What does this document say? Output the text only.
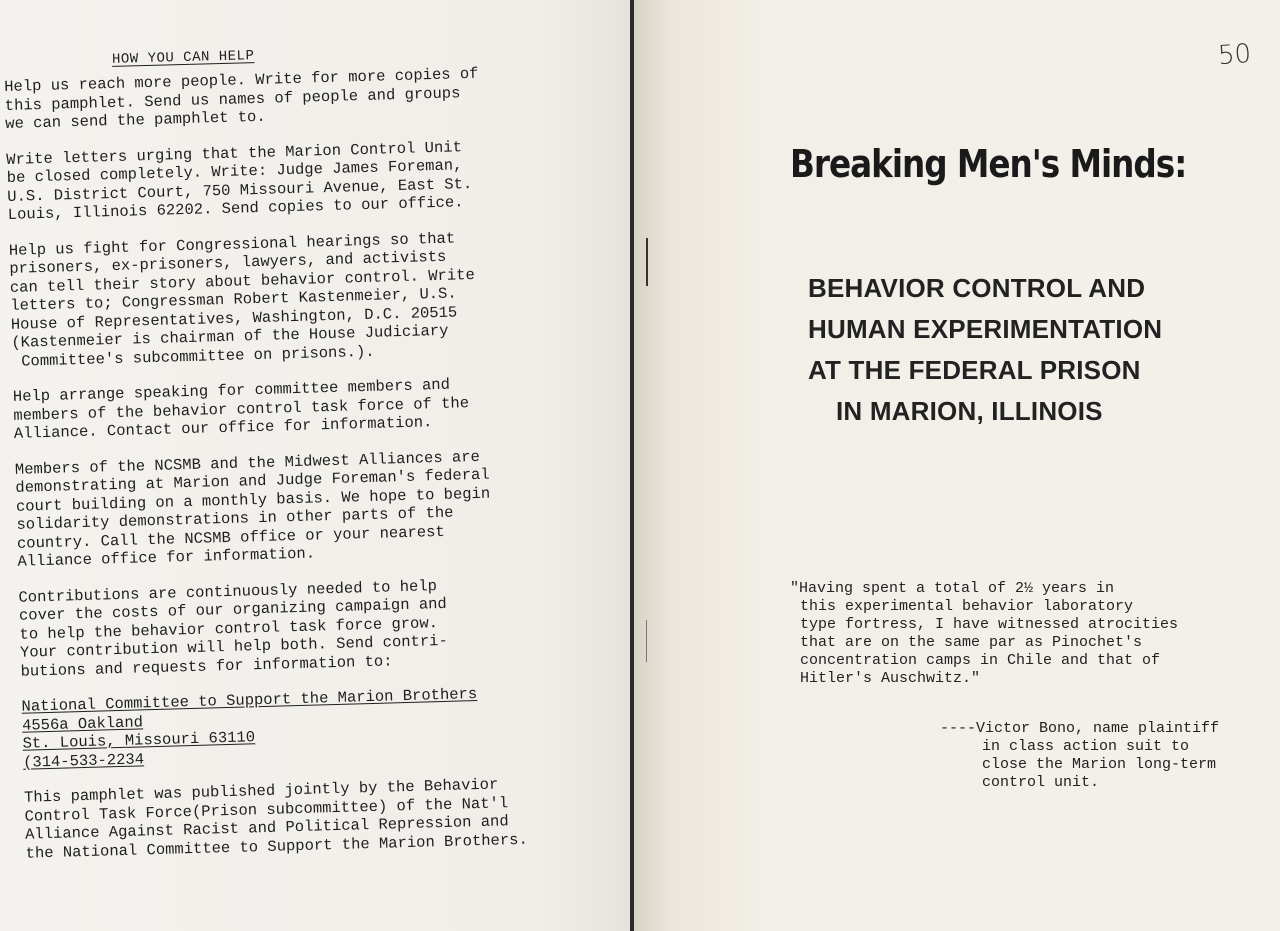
HOW YOU CAN HELP

Help us reach more people. Write for more copies of
this pamphlet. Send us names of people and groups
we can send the pamphlet to.

Write letters urging that the Marion Control Unit
be closed completely. Write: Judge James Foreman,
U.S. District Court, 750 Missouri Avenue, East St.
Louis, Illinois 62202. Send copies to our office.

Help us fight for Congressional hearings so that
prisoners, ex-prisoners, lawyers, and activists
can tell their story about behavior control. Write
letters to; Congressman Robert Kastenmeier, U.S.
House of Representatives, Washington, D.C. 20515
(Kastenmeier is chairman of the House Judiciary
Committee's subcommittee on prisons.).

Help arrange speaking for committee members and
members of the behavior control task force of the
Alliance. Contact our office for information.

Members of the NCSMB and the Midwest Alliances are
demonstrating at Marion and Judge Foreman's federal
court building on a monthly basis. We hope to begin
solidarity demonstrations in other parts of the
country. Call the NCSMB office or your nearest
Alliance office for information.

Contributions are continuously needed to help
cover the costs of our organizing campaign and
to help the behavior control task force grow.
Your contribution will help both. Send contri-
butions and requests for information to:

National Committee to Support the Marion Brothers
4556a Oakland
St. Louis, Missouri 63110
(314-533-2234

This pamphlet was published jointly by the Behavior
Control Task Force(Prison subcommittee) of the Nat'l
Alliance Against Racist and Political Repression and
the National Committee to Support the Marion Brothers.

50
Breaking Men's Minds:
BEHAVIOR CONTROL AND
HUMAN EXPERIMENTATION
AT THE FEDERAL PRISON
IN MARION, ILLINOIS
"Having spent a total of 2½ years in
this experimental behavior laboratory
type fortress, I have witnessed atrocities
that are on the same par as Pinochet's
concentration camps in Chile and that of
Hitler's Auschwitz."
----Victor Bono, name plaintiff
in class action suit to
close the Marion long-term
control unit.
